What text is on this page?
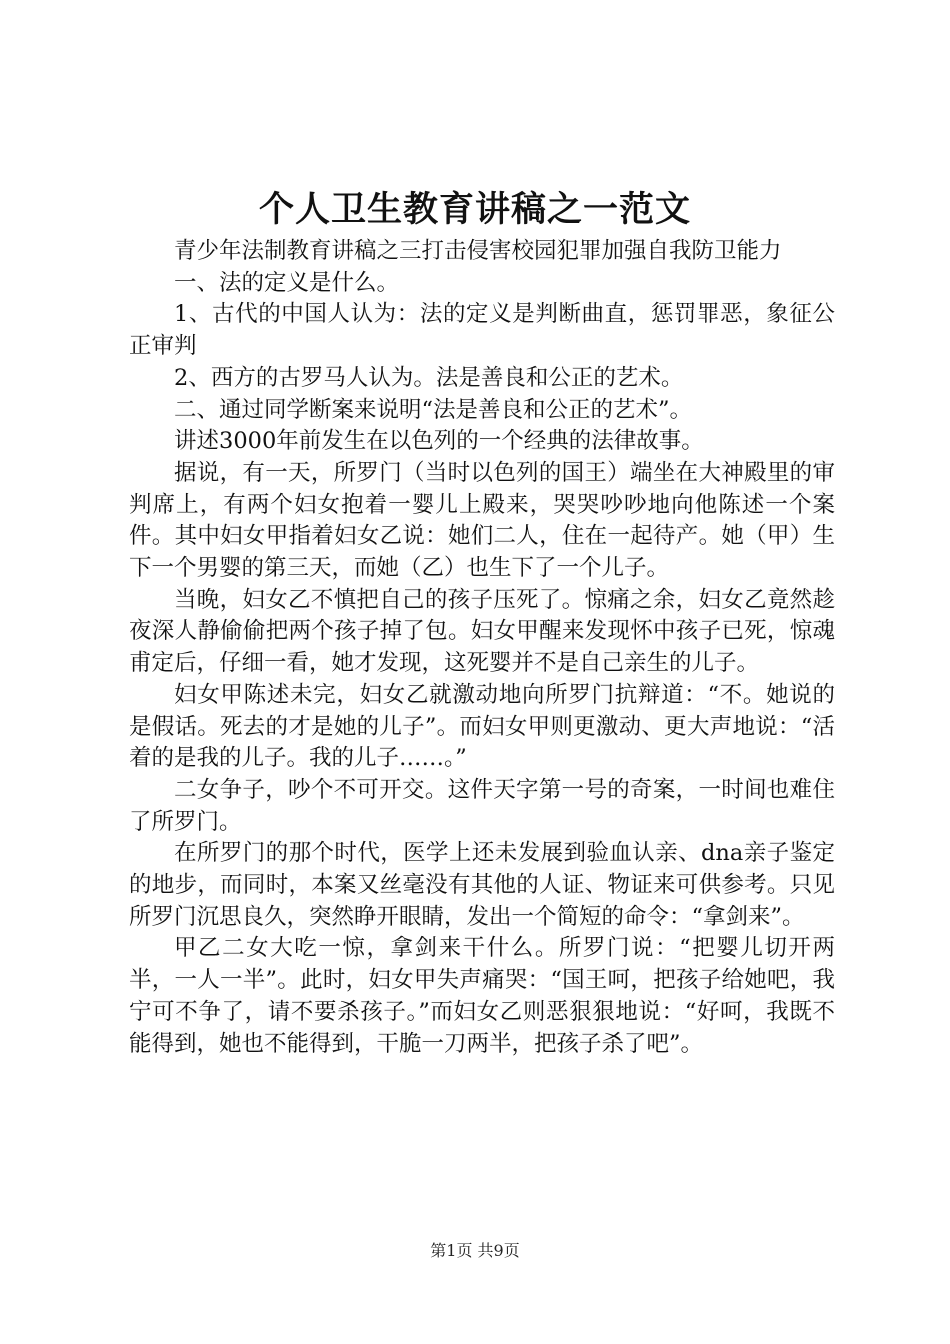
个人卫生教育讲稿之一范文

青少年法制教育讲稿之三打击侵害校园犯罪加强自我防卫能力

一、法的定义是什么。

1、古代的中国人认为：法的定义是判断曲直，惩罚罪恶，象征公正审判

2、西方的古罗马人认为。法是善良和公正的艺术。

二、通过同学断案来说明“法是善良和公正的艺术”。

讲述3000年前发生在以色列的一个经典的法律故事。

据说，有一天，所罗门（当时以色列的国王）端坐在大神殿里的审判席上，有两个妇女抱着一婴儿上殿来，哭哭吵吵地向他陈述一个案件。其中妇女甲指着妇女乙说：她们二人，住在一起待产。她（甲）生下一个男婴的第三天，而她（乙）也生下了一个儿子。

当晚，妇女乙不慎把自己的孩子压死了。惊痛之余，妇女乙竟然趁夜深人静偷偷把两个孩子掉了包。妇女甲醒来发现怀中孩子已死，惊魂甫定后，仔细一看，她才发现，这死婴并不是自己亲生的儿子。

妇女甲陈述未完，妇女乙就激动地向所罗门抗辩道：“不。她说的是假话。死去的才是她的儿子”。而妇女甲则更激动、更大声地说：“活着的是我的儿子。我的儿子……。”

二女争子，吵个不可开交。这件天字第一号的奇案，一时间也难住了所罗门。

在所罗门的那个时代，医学上还未发展到验血认亲、dna亲子鉴定的地步，而同时，本案又丝毫没有其他的人证、物证来可供参考。只见所罗门沉思良久，突然睁开眼睛，发出一个简短的命令：“拿剑来”。

甲乙二女大吃一惊，拿剑来干什么。所罗门说：“把婴儿切开两半，一人一半”。此时，妇女甲失声痛哭：“国王呵，把孩子给她吧，我宁可不争了，请不要杀孩子。”而妇女乙则恶狠狠地说：“好呵，我既不能得到，她也不能得到，干脆一刀两半，把孩子杀了吧”。

第1页 共9页
